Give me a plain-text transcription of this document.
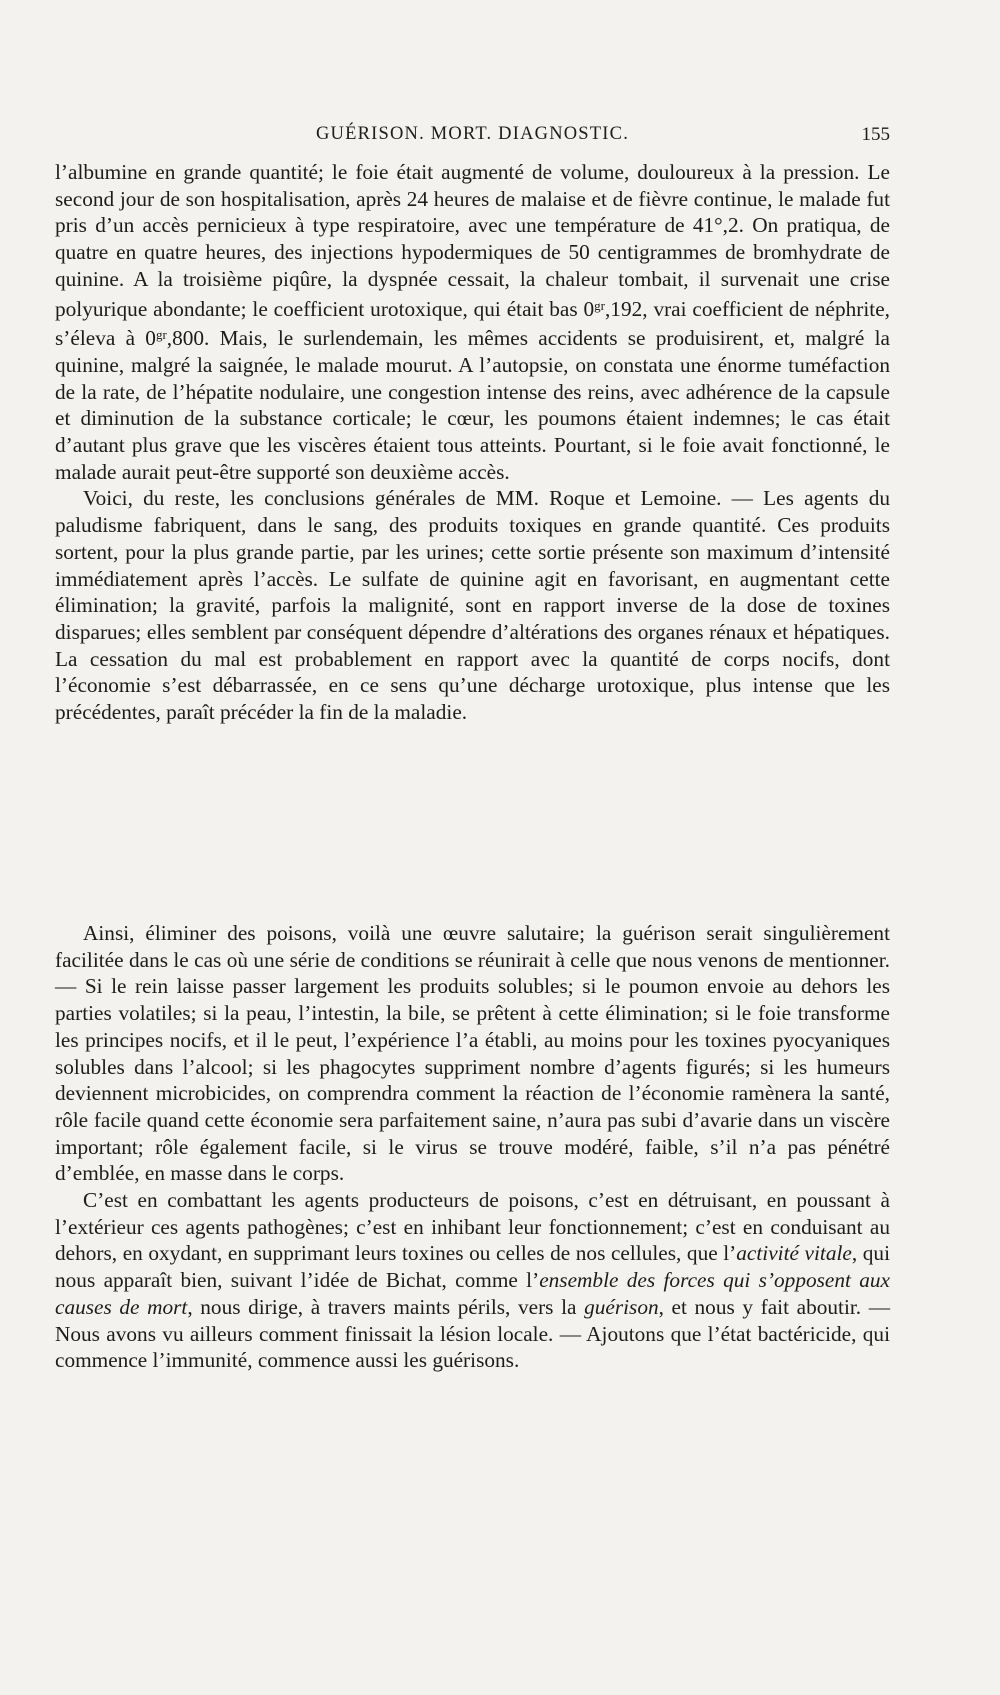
GUÉRISON. MORT. DIAGNOSTIC.	155

l’albumine en grande quantité; le foie était augmenté de volume, douloureux à la pression. Le second jour de son hospitalisation, après 24 heures de malaise et de fièvre continue, le malade fut pris d’un accès pernicieux à type respiratoire, avec une température de 41°,2. On pratiqua, de quatre en quatre heures, des injections hypodermiques de 50 centigrammes de bromhydrate de quinine. A la troisième piqûre, la dyspnée cessait, la chaleur tombait, il survenait une crise polyurique abondante; le coefficient urotoxique, qui était bas $0^{gr},192$, vrai coefficient de néphrite, s’éleva à $0^{gr},800$. Mais, le surlendemain, les mêmes accidents se produisirent, et, malgré la quinine, malgré la saignée, le malade mourut. A l’autopsie, on constata une énorme tuméfaction de la rate, de l’hépatite nodulaire, une congestion intense des reins, avec adhérence de la capsule et diminution de la substance corticale; le cœur, les poumons étaient indemnes; le cas était d’autant plus grave que les viscères étaient tous atteints. Pourtant, si le foie avait fonctionné, le malade aurait peut-être supporté son deuxième accès.

Voici, du reste, les conclusions générales de MM. Roque et Lemoine. — Les agents du paludisme fabriquent, dans le sang, des produits toxiques en grande quantité. Ces produits sortent, pour la plus grande partie, par les urines; cette sortie présente son maximum d’intensité immédiatement après l’accès. Le sulfate de quinine agit en favorisant, en augmentant cette élimination; la gravité, parfois la malignité, sont en rapport inverse de la dose de toxines disparues; elles semblent par conséquent dépendre d’altérations des organes rénaux et hépatiques. La cessation du mal est probablement en rapport avec la quantité de corps nocifs, dont l’économie s’est débarrassée, en ce sens qu’une décharge urotoxique, plus intense que les précédentes, paraît précéder la fin de la maladie.

Ainsi, éliminer des poisons, voilà une œuvre salutaire; la guérison serait singulièrement facilitée dans le cas où une série de conditions se réunirait à celle que nous venons de mentionner. — Si le rein laisse passer largement les produits solubles; si le poumon envoie au dehors les parties volatiles; si la peau, l’intestin, la bile, se prêtent à cette élimination; si le foie transforme les principes nocifs, et il le peut, l’expérience l’a établi, au moins pour les toxines pyocyaniques solubles dans l’alcool; si les phagocytes suppriment nombre d’agents figurés; si les humeurs deviennent microbicides, on comprendra comment la réaction de l’économie ramènera la santé, rôle facile quand cette économie sera parfaitement saine, n’aura pas subi d’avarie dans un viscère important; rôle également facile, si le virus se trouve modéré, faible, s’il n’a pas pénétré d’emblée, en masse dans le corps.

C’est en combattant les agents producteurs de poisons, c’est en détruisant, en poussant à l’extérieur ces agents pathogènes; c’est en inhibant leur fonctionnement; c’est en conduisant au dehors, en oxydant, en supprimant leurs toxines ou celles de nos cellules, que l’activité vitale, qui nous apparaît bien, suivant l’idée de Bichat, comme l’ensemble des forces qui s’opposent aux causes de mort, nous dirige, à travers maints périls, vers la guérison, et nous y fait aboutir. — Nous avons vu ailleurs comment finissait la lésion locale. — Ajoutons que l’état bactéricide, qui commence l’immunité, commence aussi les guérisons.
